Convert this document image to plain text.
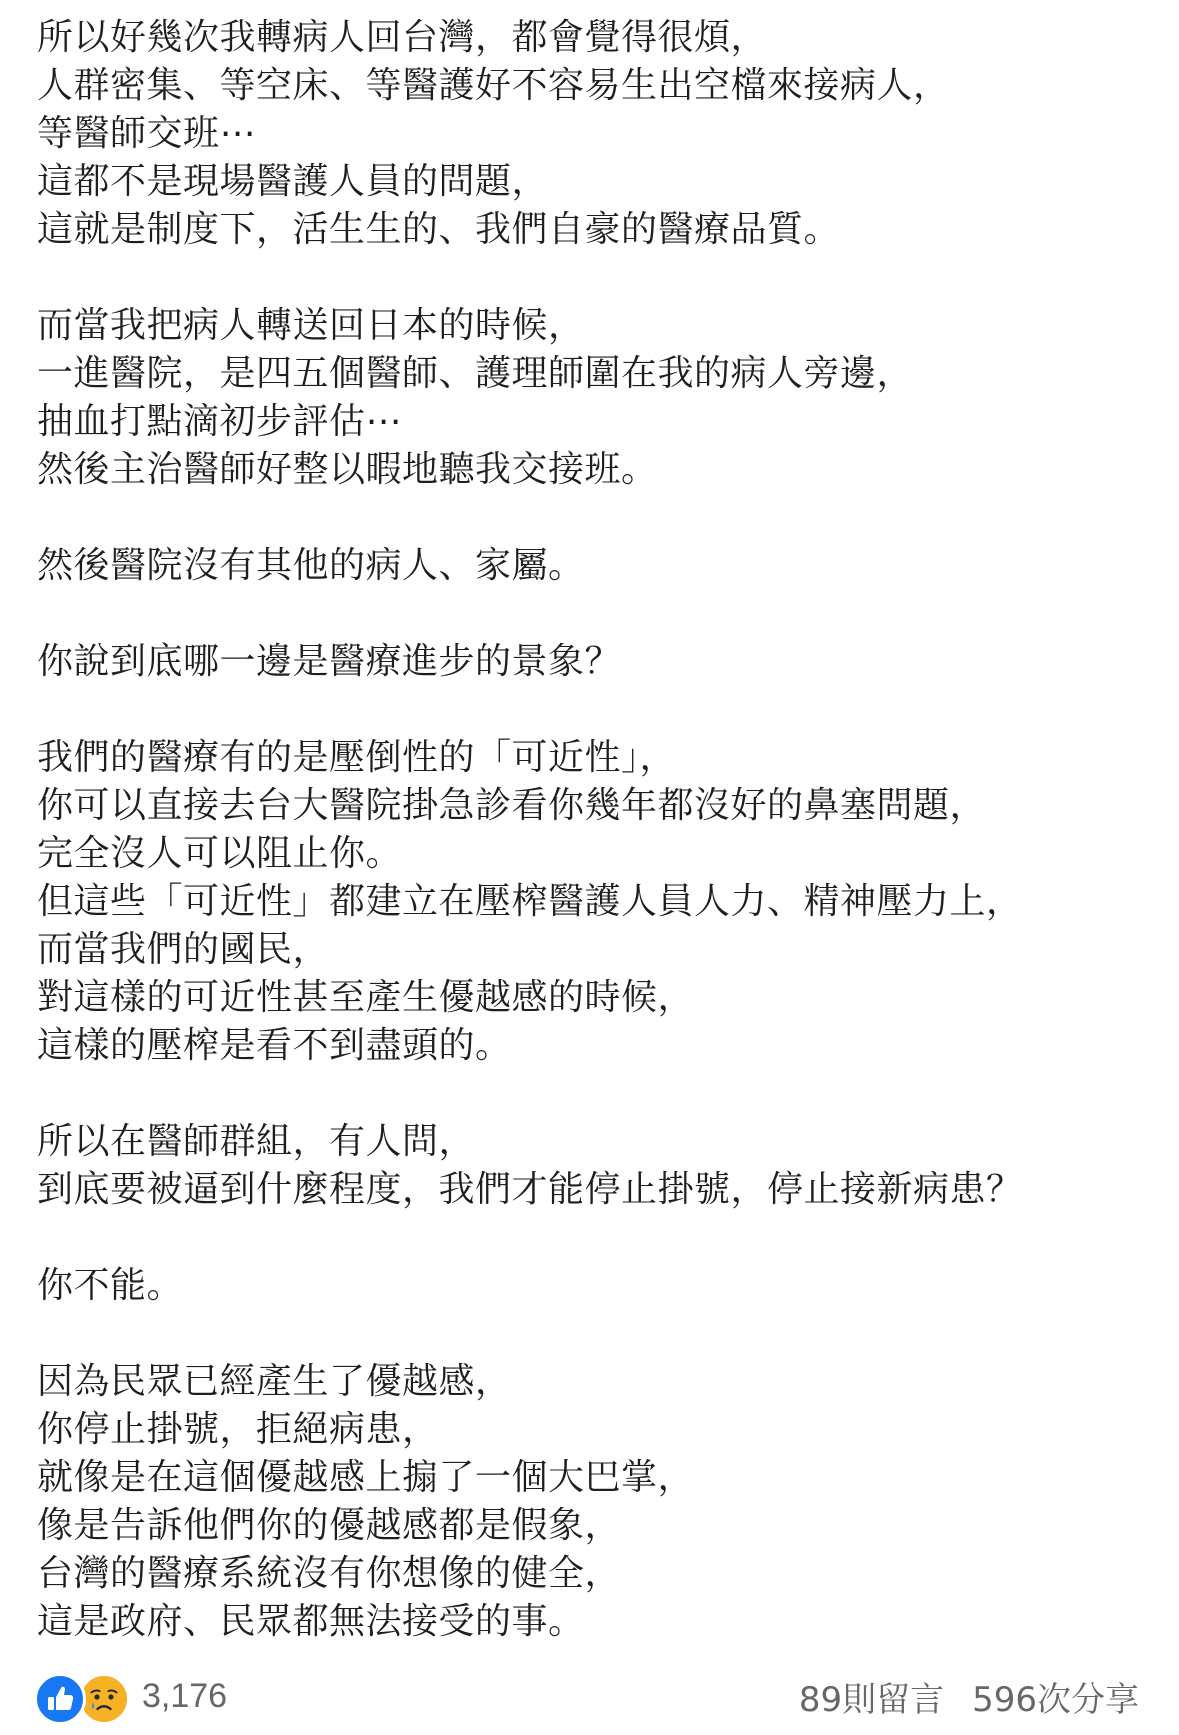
所以好幾次我轉病人回台灣，都會覺得很煩，
人群密集、等空床、等醫護好不容易生出空檔來接病人，
等醫師交班⋯
這都不是現場醫護人員的問題，
這就是制度下，活生生的、我們自豪的醫療品質。
而當我把病人轉送回日本的時候，
一進醫院，是四五個醫師、護理師圍在我的病人旁邊，
抽血打點滴初步評估⋯
然後主治醫師好整以暇地聽我交接班。
然後醫院沒有其他的病人、家屬。
你說到底哪一邊是醫療進步的景象？
我們的醫療有的是壓倒性的「可近性」，
你可以直接去台大醫院掛急診看你幾年都沒好的鼻塞問題，
完全沒人可以阻止你。
但這些「可近性」都建立在壓榨醫護人員人力、精神壓力上，
而當我們的國民，
對這樣的可近性甚至產生優越感的時候，
這樣的壓榨是看不到盡頭的。
所以在醫師群組，有人問，
到底要被逼到什麼程度，我們才能停止掛號，停止接新病患？
你不能。
因為民眾已經產生了優越感，
你停止掛號，拒絕病患，
就像是在這個優越感上搧了一個大巴掌，
像是告訴他們你的優越感都是假象，
台灣的醫療系統沒有你想像的健全，
這是政府、民眾都無法接受的事。
3,176	89則留言 596次分享
